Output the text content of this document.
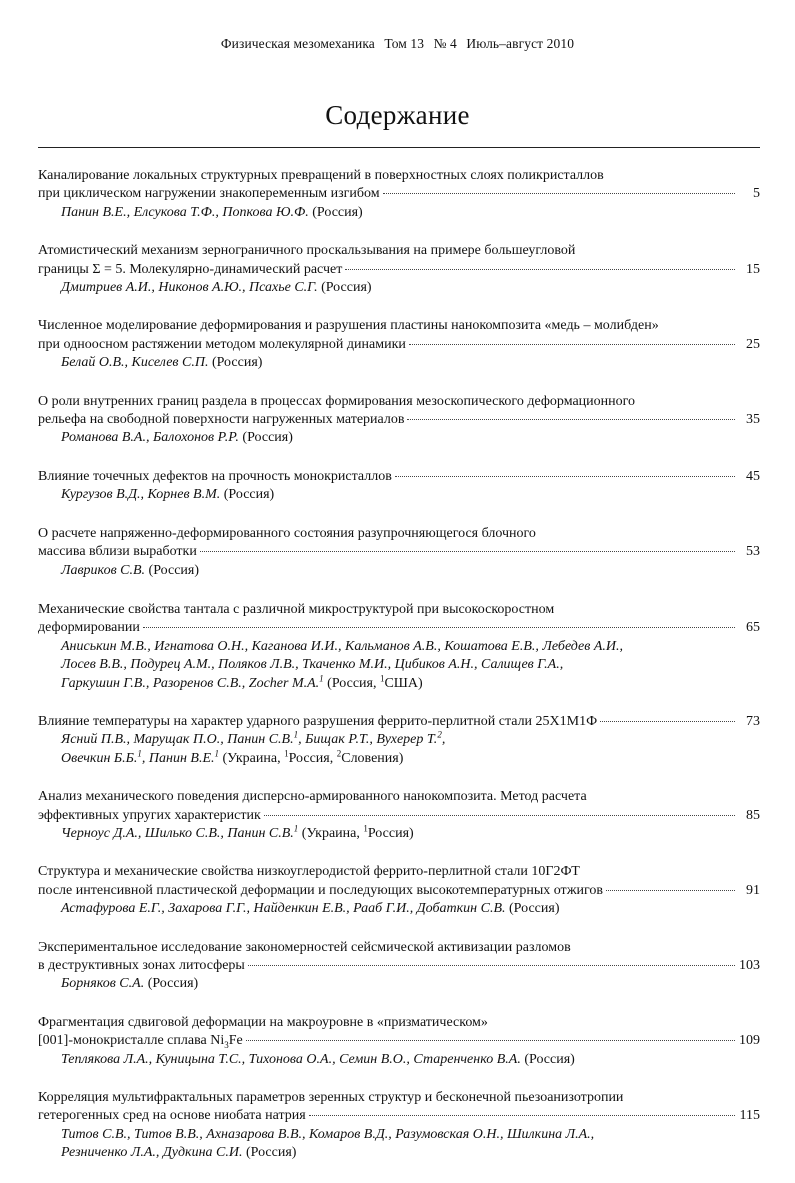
Физическая мезомеханика Том 13 № 4 Июль–август 2010
Содержание
Каналирование локальных структурных превращений в поверхностных слоях поликристаллов
при циклическом нагружении знакопеременным изгибом	5
Панин В.Е., Елсукова Т.Ф., Попкова Ю.Ф. (Россия)
Атомистический механизм зернограничного проскальзывания на примере большеугловой
границы Σ = 5. Молекулярно-динамический расчет	15
Дмитриев А.И., Никонов А.Ю., Псахье С.Г. (Россия)
Численное моделирование деформирования и разрушения пластины нанокомпозита «медь – молибден»
при одноосном растяжении методом молекулярной динамики	25
Белай О.В., Киселев С.П. (Россия)
О роли внутренних границ раздела в процессах формирования мезоскопического деформационного
рельефа на свободной поверхности нагруженных материалов	35
Романова В.А., Балохонов Р.Р. (Россия)
Влияние точечных дефектов на прочность монокристаллов	45
Кургузов В.Д., Корнев В.М. (Россия)
О расчете напряженно-деформированного состояния разупрочняющегося блочного
массива вблизи выработки	53
Лавриков С.В. (Россия)
Механические свойства тантала с различной микроструктурой при высокоскоростном
деформировании	65
Аниськин М.В., Игнатова О.Н., Каганова И.И., Кальманов А.В., Кошатова Е.В., Лебедев А.И.,
Лосев В.В., Подурец А.М., Поляков Л.В., Ткаченко М.И., Цибиков А.Н., Салищев Г.А.,
Гаркушин Г.В., Разоренов С.В., Zocher M.A.$^1$ (Россия, $^1$США)
Влияние температуры на характер ударного разрушения феррито-перлитной стали 25Х1М1Ф	73
Ясний П.В., Марущак П.О., Панин С.В.$^1$, Бищак Р.Т., Вухерер Т.$^2$,
Овечкин Б.Б.$^1$, Панин В.Е.$^1$ (Украина, $^1$Россия, $^2$Словения)
Анализ механического поведения дисперсно-армированного нанокомпозита. Метод расчета
эффективных упругих характеристик	85
Черноус Д.А., Шилько С.В., Панин С.В.$^1$ (Украина, $^1$Россия)
Структура и механические свойства низкоуглеродистой феррито-перлитной стали 10Г2ФТ
после интенсивной пластической деформации и последующих высокотемпературных отжигов	91
Астафурова Е.Г., Захарова Г.Г., Найденкин Е.В., Рааб Г.И., Добаткин С.В. (Россия)
Экспериментальное исследование закономерностей сейсмической активизации разломов
в деструктивных зонах литосферы	103
Борняков С.А. (Россия)
Фрагментация сдвиговой деформации на макроуровне в «призматическом»
[001]-монокристалле сплава $Ni_3Fe$	109
Теплякова Л.А., Куницына Т.С., Тихонова О.А., Семин В.О., Старенченко В.А. (Россия)
Корреляция мультифрактальных параметров зеренных структур и бесконечной пьезоанизотропии
гетерогенных сред на основе ниобата натрия	115
Титов С.В., Титов В.В., Ахназарова В.В., Комаров В.Д., Разумовская О.Н., Шилкина Л.А.,
Резниченко Л.А., Дудкина С.И. (Россия)
